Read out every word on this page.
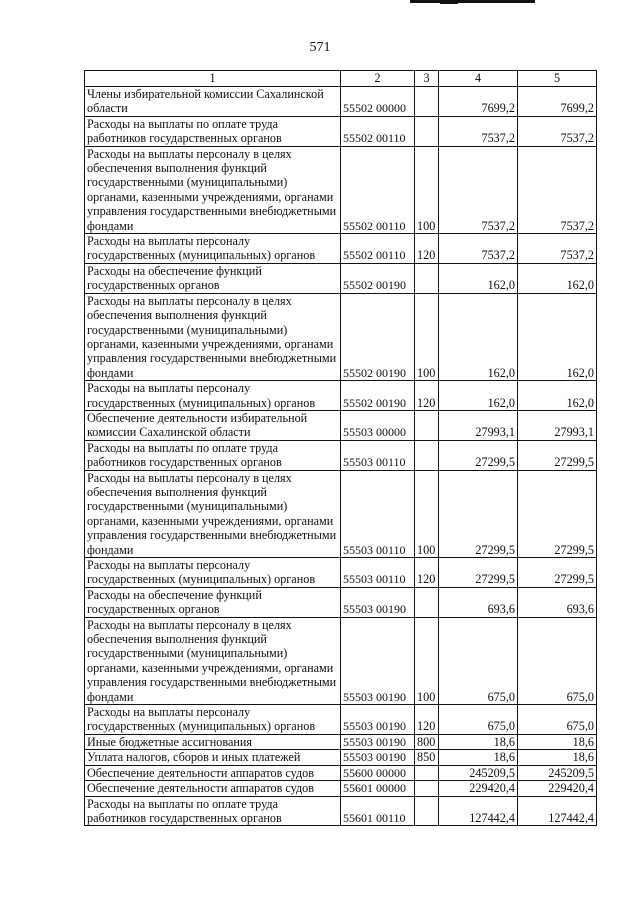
571
1	2	3	4	5
Члены избирательной комиссии Сахалинской области	55502 00000		7699,2	7699,2
Расходы на выплаты по оплате труда работников государственных органов	55502 00110		7537,2	7537,2
Расходы на выплаты персоналу в целях обеспечения выполнения функций государственными (муниципальными) органами, казенными учреждениями, органами управления государственными внебюджетными фондами	55502 00110	100	7537,2	7537,2
Расходы на выплаты персоналу государственных (муниципальных) органов	55502 00110	120	7537,2	7537,2
Расходы на обеспечение функций государственных органов	55502 00190		162,0	162,0
Расходы на выплаты персоналу в целях обеспечения выполнения функций государственными (муниципальными) органами, казенными учреждениями, органами управления государственными внебюджетными фондами	55502 00190	100	162,0	162,0
Расходы на выплаты персоналу государственных (муниципальных) органов	55502 00190	120	162,0	162,0
Обеспечение деятельности избирательной комиссии Сахалинской области	55503 00000		27993,1	27993,1
Расходы на выплаты по оплате труда работников государственных органов	55503 00110		27299,5	27299,5
Расходы на выплаты персоналу в целях обеспечения выполнения функций государственными (муниципальными) органами, казенными учреждениями, органами управления государственными внебюджетными фондами	55503 00110	100	27299,5	27299,5
Расходы на выплаты персоналу государственных (муниципальных) органов	55503 00110	120	27299,5	27299,5
Расходы на обеспечение функций государственных органов	55503 00190		693,6	693,6
Расходы на выплаты персоналу в целях обеспечения выполнения функций государственными (муниципальными) органами, казенными учреждениями, органами управления государственными внебюджетными фондами	55503 00190	100	675,0	675,0
Расходы на выплаты персоналу государственных (муниципальных) органов	55503 00190	120	675,0	675,0
Иные бюджетные ассигнования	55503 00190	800	18,6	18,6
Уплата налогов, сборов и иных платежей	55503 00190	850	18,6	18,6
Обеспечение деятельности аппаратов судов	55600 00000		245209,5	245209,5
Обеспечение деятельности аппаратов судов	55601 00000		229420,4	229420,4
Расходы на выплаты по оплате труда работников государственных органов	55601 00110		127442,4	127442,4
